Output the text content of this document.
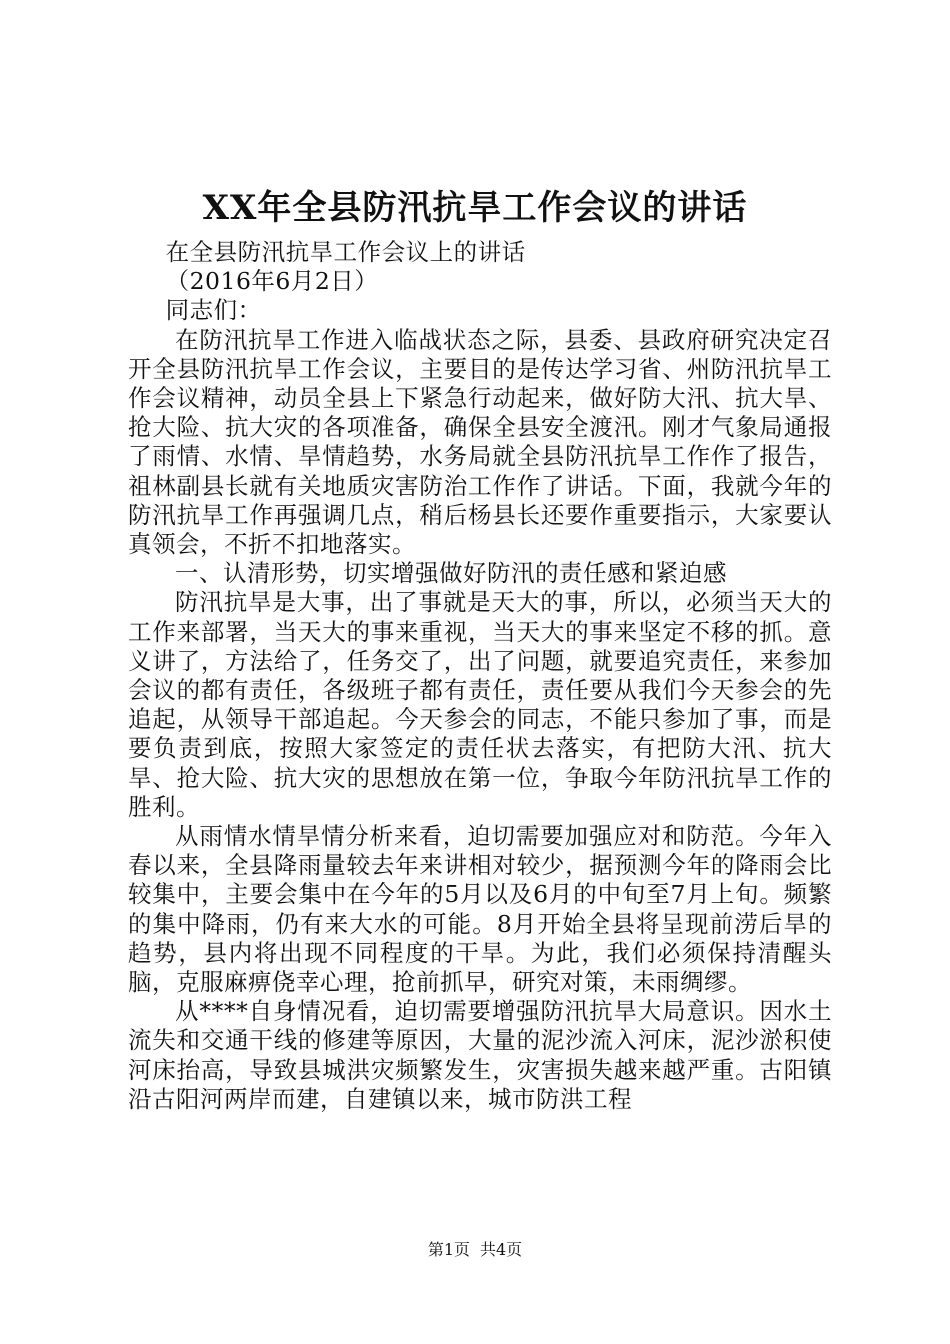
XX年全县防汛抗旱工作会议的讲话

在全县防汛抗旱工作会议上的讲话

（2016年6月2日）

同志们：

在防汛抗旱工作进入临战状态之际，县委、县政府研究决定召开全县防汛抗旱工作会议，主要目的是传达学习省、州防汛抗旱工作会议精神，动员全县上下紧急行动起来，做好防大汛、抗大旱、抢大险、抗大灾的各项准备，确保全县安全渡汛。刚才气象局通报了雨情、水情、旱情趋势，水务局就全县防汛抗旱工作作了报告，祖林副县长就有关地质灾害防治工作作了讲话。下面，我就今年的防汛抗旱工作再强调几点，稍后杨县长还要作重要指示，大家要认真领会，不折不扣地落实。

一、认清形势，切实增强做好防汛的责任感和紧迫感

防汛抗旱是大事，出了事就是天大的事，所以，必须当天大的工作来部署，当天大的事来重视，当天大的事来坚定不移的抓。意义讲了，方法给了，任务交了，出了问题，就要追究责任，来参加会议的都有责任，各级班子都有责任，责任要从我们今天参会的先追起，从领导干部追起。今天参会的同志，不能只参加了事，而是要负责到底，按照大家签定的责任状去落实，有把防大汛、抗大旱、抢大险、抗大灾的思想放在第一位，争取今年防汛抗旱工作的胜利。

从雨情水情旱情分析来看，迫切需要加强应对和防范。今年入春以来，全县降雨量较去年来讲相对较少，据预测今年的降雨会比较集中，主要会集中在今年的5月以及6月的中旬至7月上旬。频繁的集中降雨，仍有来大水的可能。8月开始全县将呈现前涝后旱的趋势，县内将出现不同程度的干旱。为此，我们必须保持清醒头脑，克服麻痹侥幸心理，抢前抓早，研究对策，未雨绸缪。

从****自身情况看，迫切需要增强防汛抗旱大局意识。因水土流失和交通干线的修建等原因，大量的泥沙流入河床，泥沙淤积使河床抬高，导致县城洪灾频繁发生，灾害损失越来越严重。古阳镇沿古阳河两岸而建，自建镇以来，城市防洪工程

第1页 共4页
